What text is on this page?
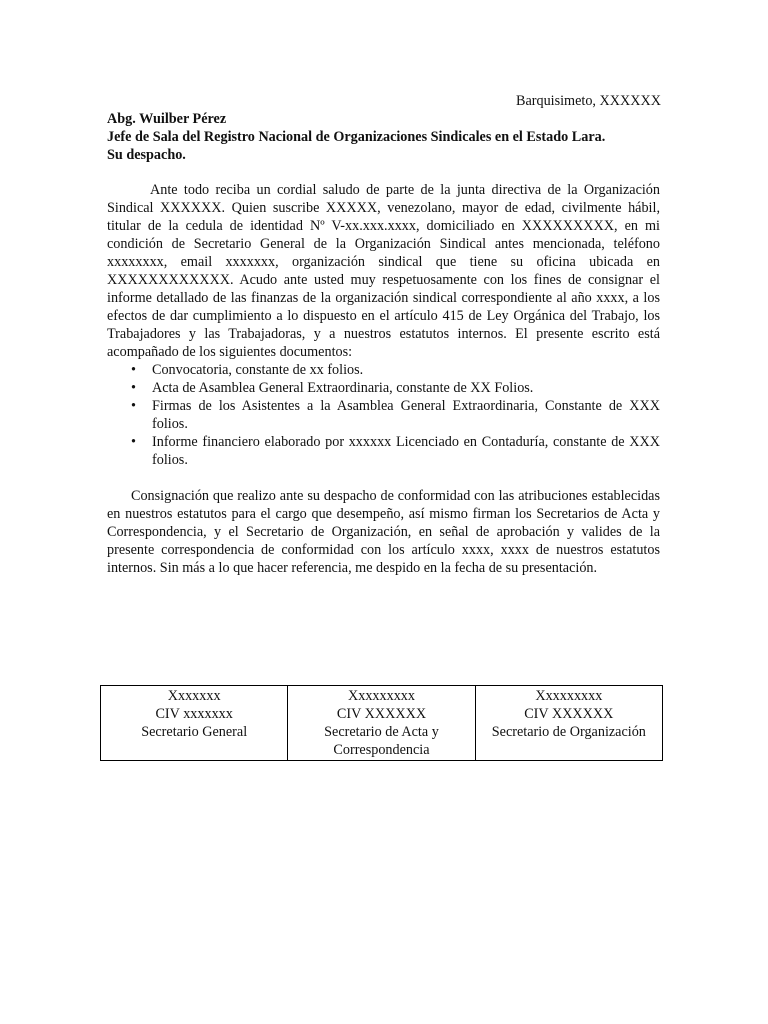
Barquisimeto, XXXXXX
Abg. Wuilber Pérez
Jefe de Sala del Registro Nacional de Organizaciones Sindicales en el Estado Lara.
Su despacho.

Ante todo reciba un cordial saludo de parte de la junta directiva de la Organización Sindical XXXXXX. Quien suscribe XXXXX, venezolano, mayor de edad, civilmente hábil, titular de la cedula de identidad Nº V-xx.xxx.xxxx, domiciliado en XXXXXXXXX, en mi condición de Secretario General de la Organización Sindical antes mencionada, teléfono xxxxxxxx, email xxxxxxx, organización sindical que tiene su oficina ubicada en XXXXXXXXXXXX. Acudo ante usted muy respetuosamente con los fines de consignar el informe detallado de las finanzas de la organización sindical correspondiente al año xxxx, a los efectos de dar cumplimiento a lo dispuesto en el artículo 415 de Ley Orgánica del Trabajo, los Trabajadores y las Trabajadoras, y a nuestros estatutos internos. El presente escrito está acompañado de los siguientes documentos:

• Convocatoria, constante de xx folios.
• Acta de Asamblea General Extraordinaria, constante de XX Folios.
• Firmas de los Asistentes a la Asamblea General Extraordinaria, Constante de XXX folios.
• Informe financiero elaborado por xxxxxx Licenciado en Contaduría, constante de XXX folios.

Consignación que realizo ante su despacho de conformidad con las atribuciones establecidas en nuestros estatutos para el cargo que desempeño, así mismo firman los Secretarios de Acta y Correspondencia, y el Secretario de Organización, en señal de aprobación y valides de la presente correspondencia de conformidad con los artículo xxxx, xxxx de nuestros estatutos internos. Sin más a lo que hacer referencia, me despido en la fecha de su presentación.

Xxxxxxx
CIV xxxxxxx
Secretario General

Xxxxxxxxx
CIV XXXXXX
Secretario de Acta y Correspondencia

Xxxxxxxxx
CIV XXXXXX
Secretario de Organización
